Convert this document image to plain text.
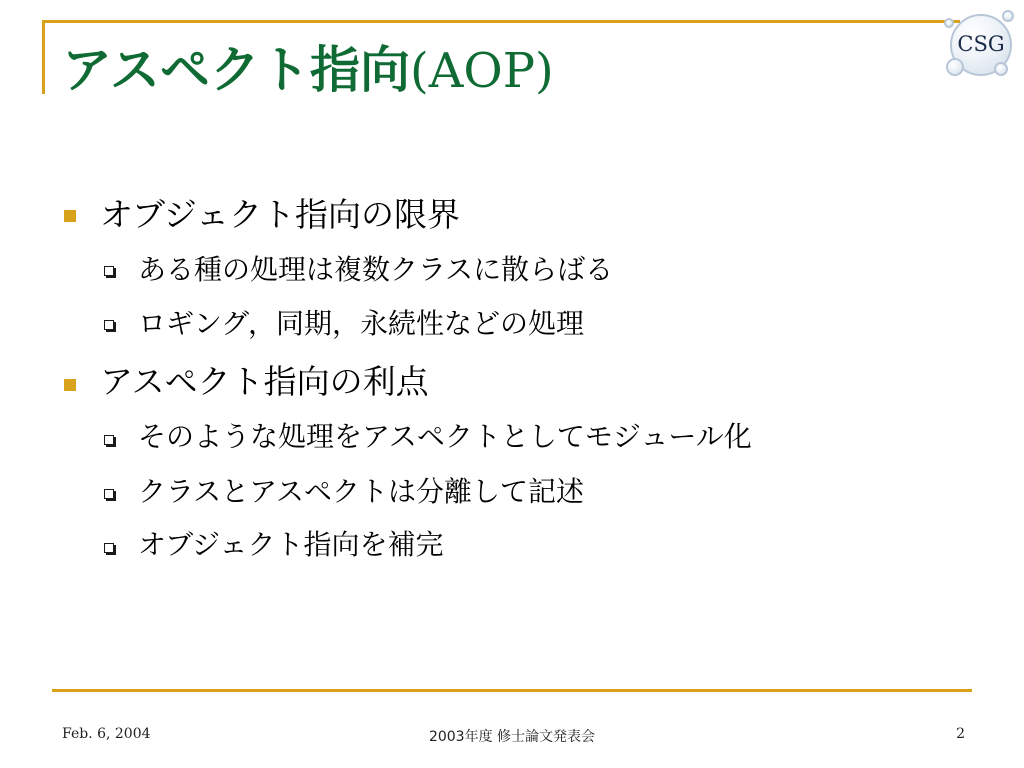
アスペクト指向(AOP)	CSG
オブジェクト指向の限界
ある種の処理は複数クラスに散らばる
ロギング，同期，永続性などの処理
アスペクト指向の利点
そのような処理をアスペクトとしてモジュール化
クラスとアスペクトは分離して記述
オブジェクト指向を補完
Feb. 6, 2004	2003年度 修士論文発表会	2
